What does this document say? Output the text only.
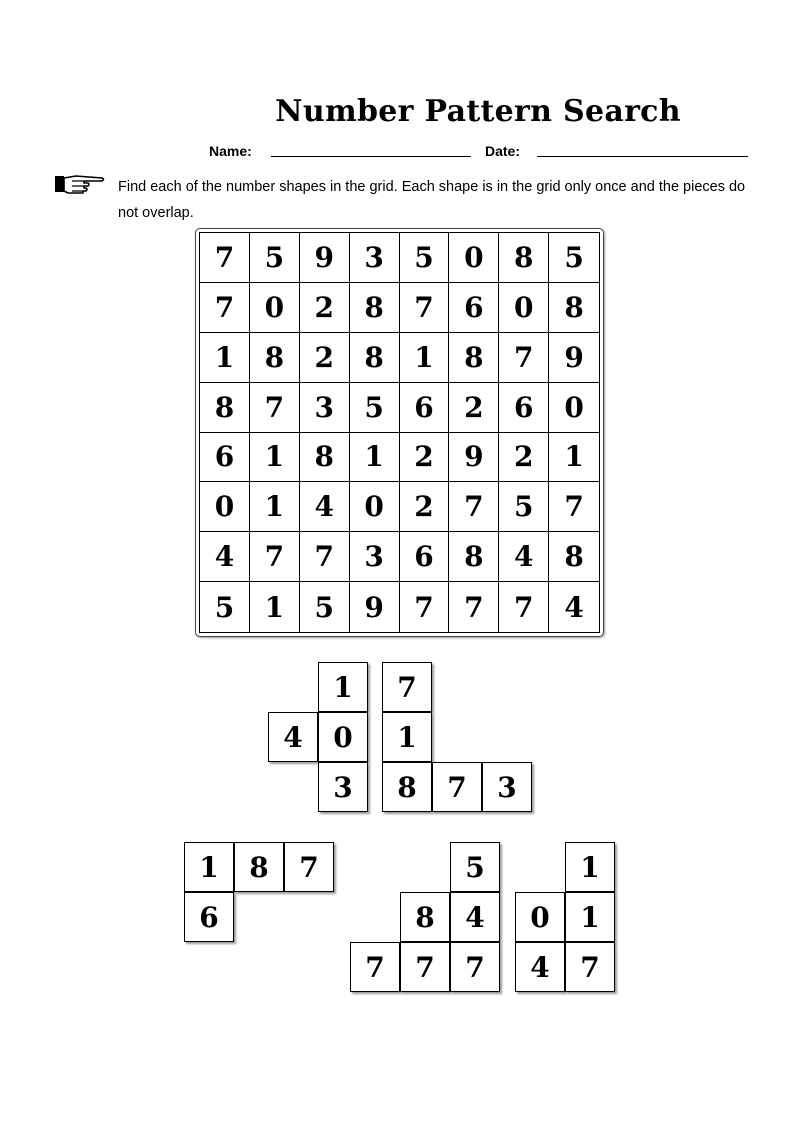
Number Pattern Search
Name:	Date:
Find each of the number shapes in the grid. Each shape is in the grid only once and the pieces do not overlap.
7	5	9	3	5	0	8	5
7	0	2	8	7	6	0	8
1	8	2	8	1	8	7	9
8	7	3	5	6	2	6	0
6	1	8	1	2	9	2	1
0	1	4	0	2	7	5	7
4	7	7	3	6	8	4	8
5	1	5	9	7	7	7	4
1
4	0
3
7
1
8	7	3
1	8	7
6
5
8	4
7	7	7
1
0	1
4	7
